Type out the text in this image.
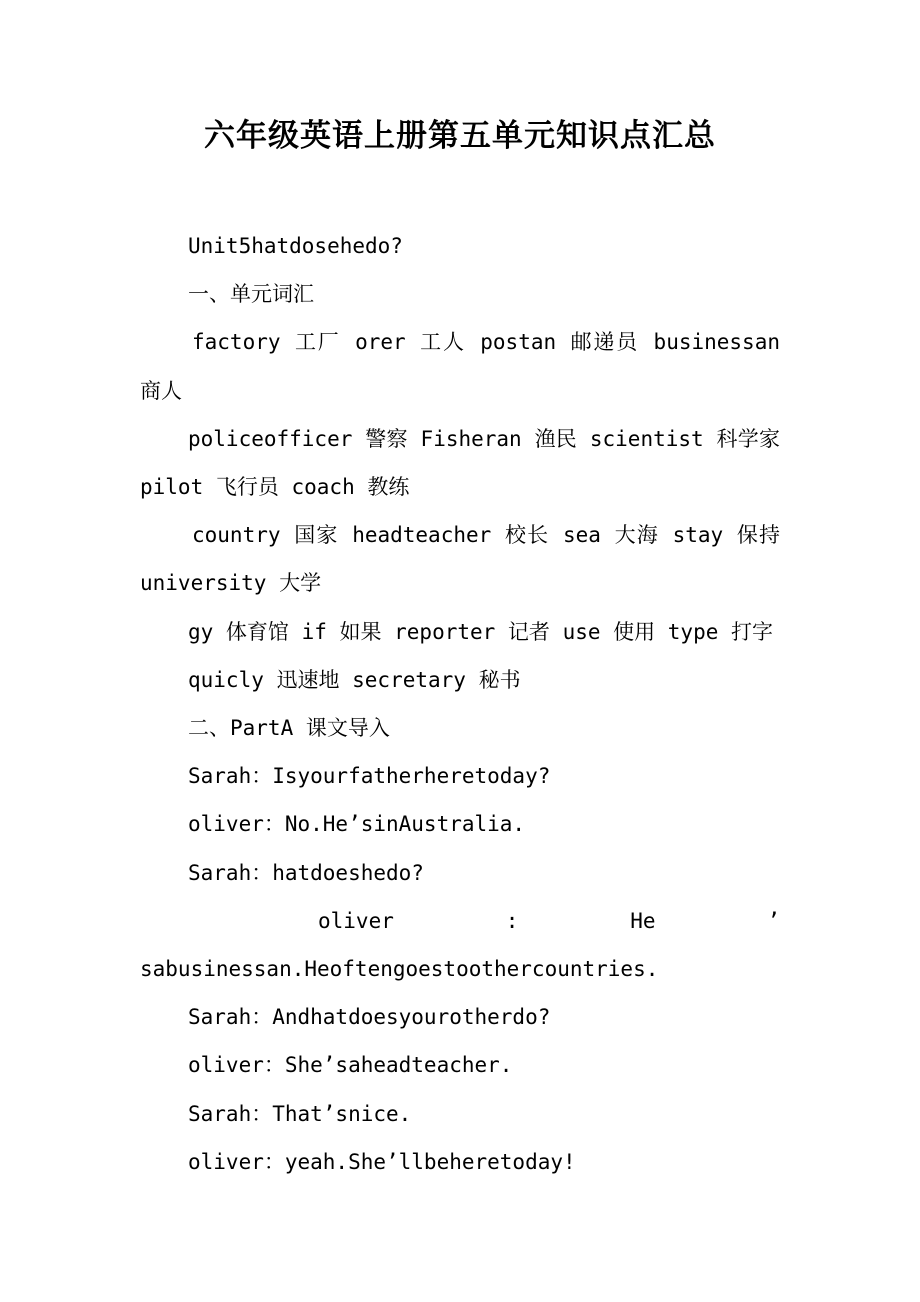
六年级英语上册第五单元知识点汇总

Unit5hatdosehedo?

一、单元词汇

factory 工厂 orer 工人 postan 邮递员 businessan 商人

policeofficer 警察 Fisheran 渔民 scientist 科学家 pilot 飞行员 coach 教练

country 国家 headteacher 校长 sea 大海 stay 保持 university 大学

gy 体育馆 if 如果 reporter 记者 use 使用 type 打字

quicly 迅速地 secretary 秘书

二、PartA 课文导入

Sarah：Isyourfatherheretoday?

oliver：No.He’sinAustralia.

Sarah：hatdoeshedo?

oliver : He ’

sabusinessan.Heoftengoestoothercountries.

Sarah：Andhatdoesyourotherdo?

oliver：She’saheadteacher.

Sarah：That’snice.

oliver：yeah.She’llbeheretoday!
